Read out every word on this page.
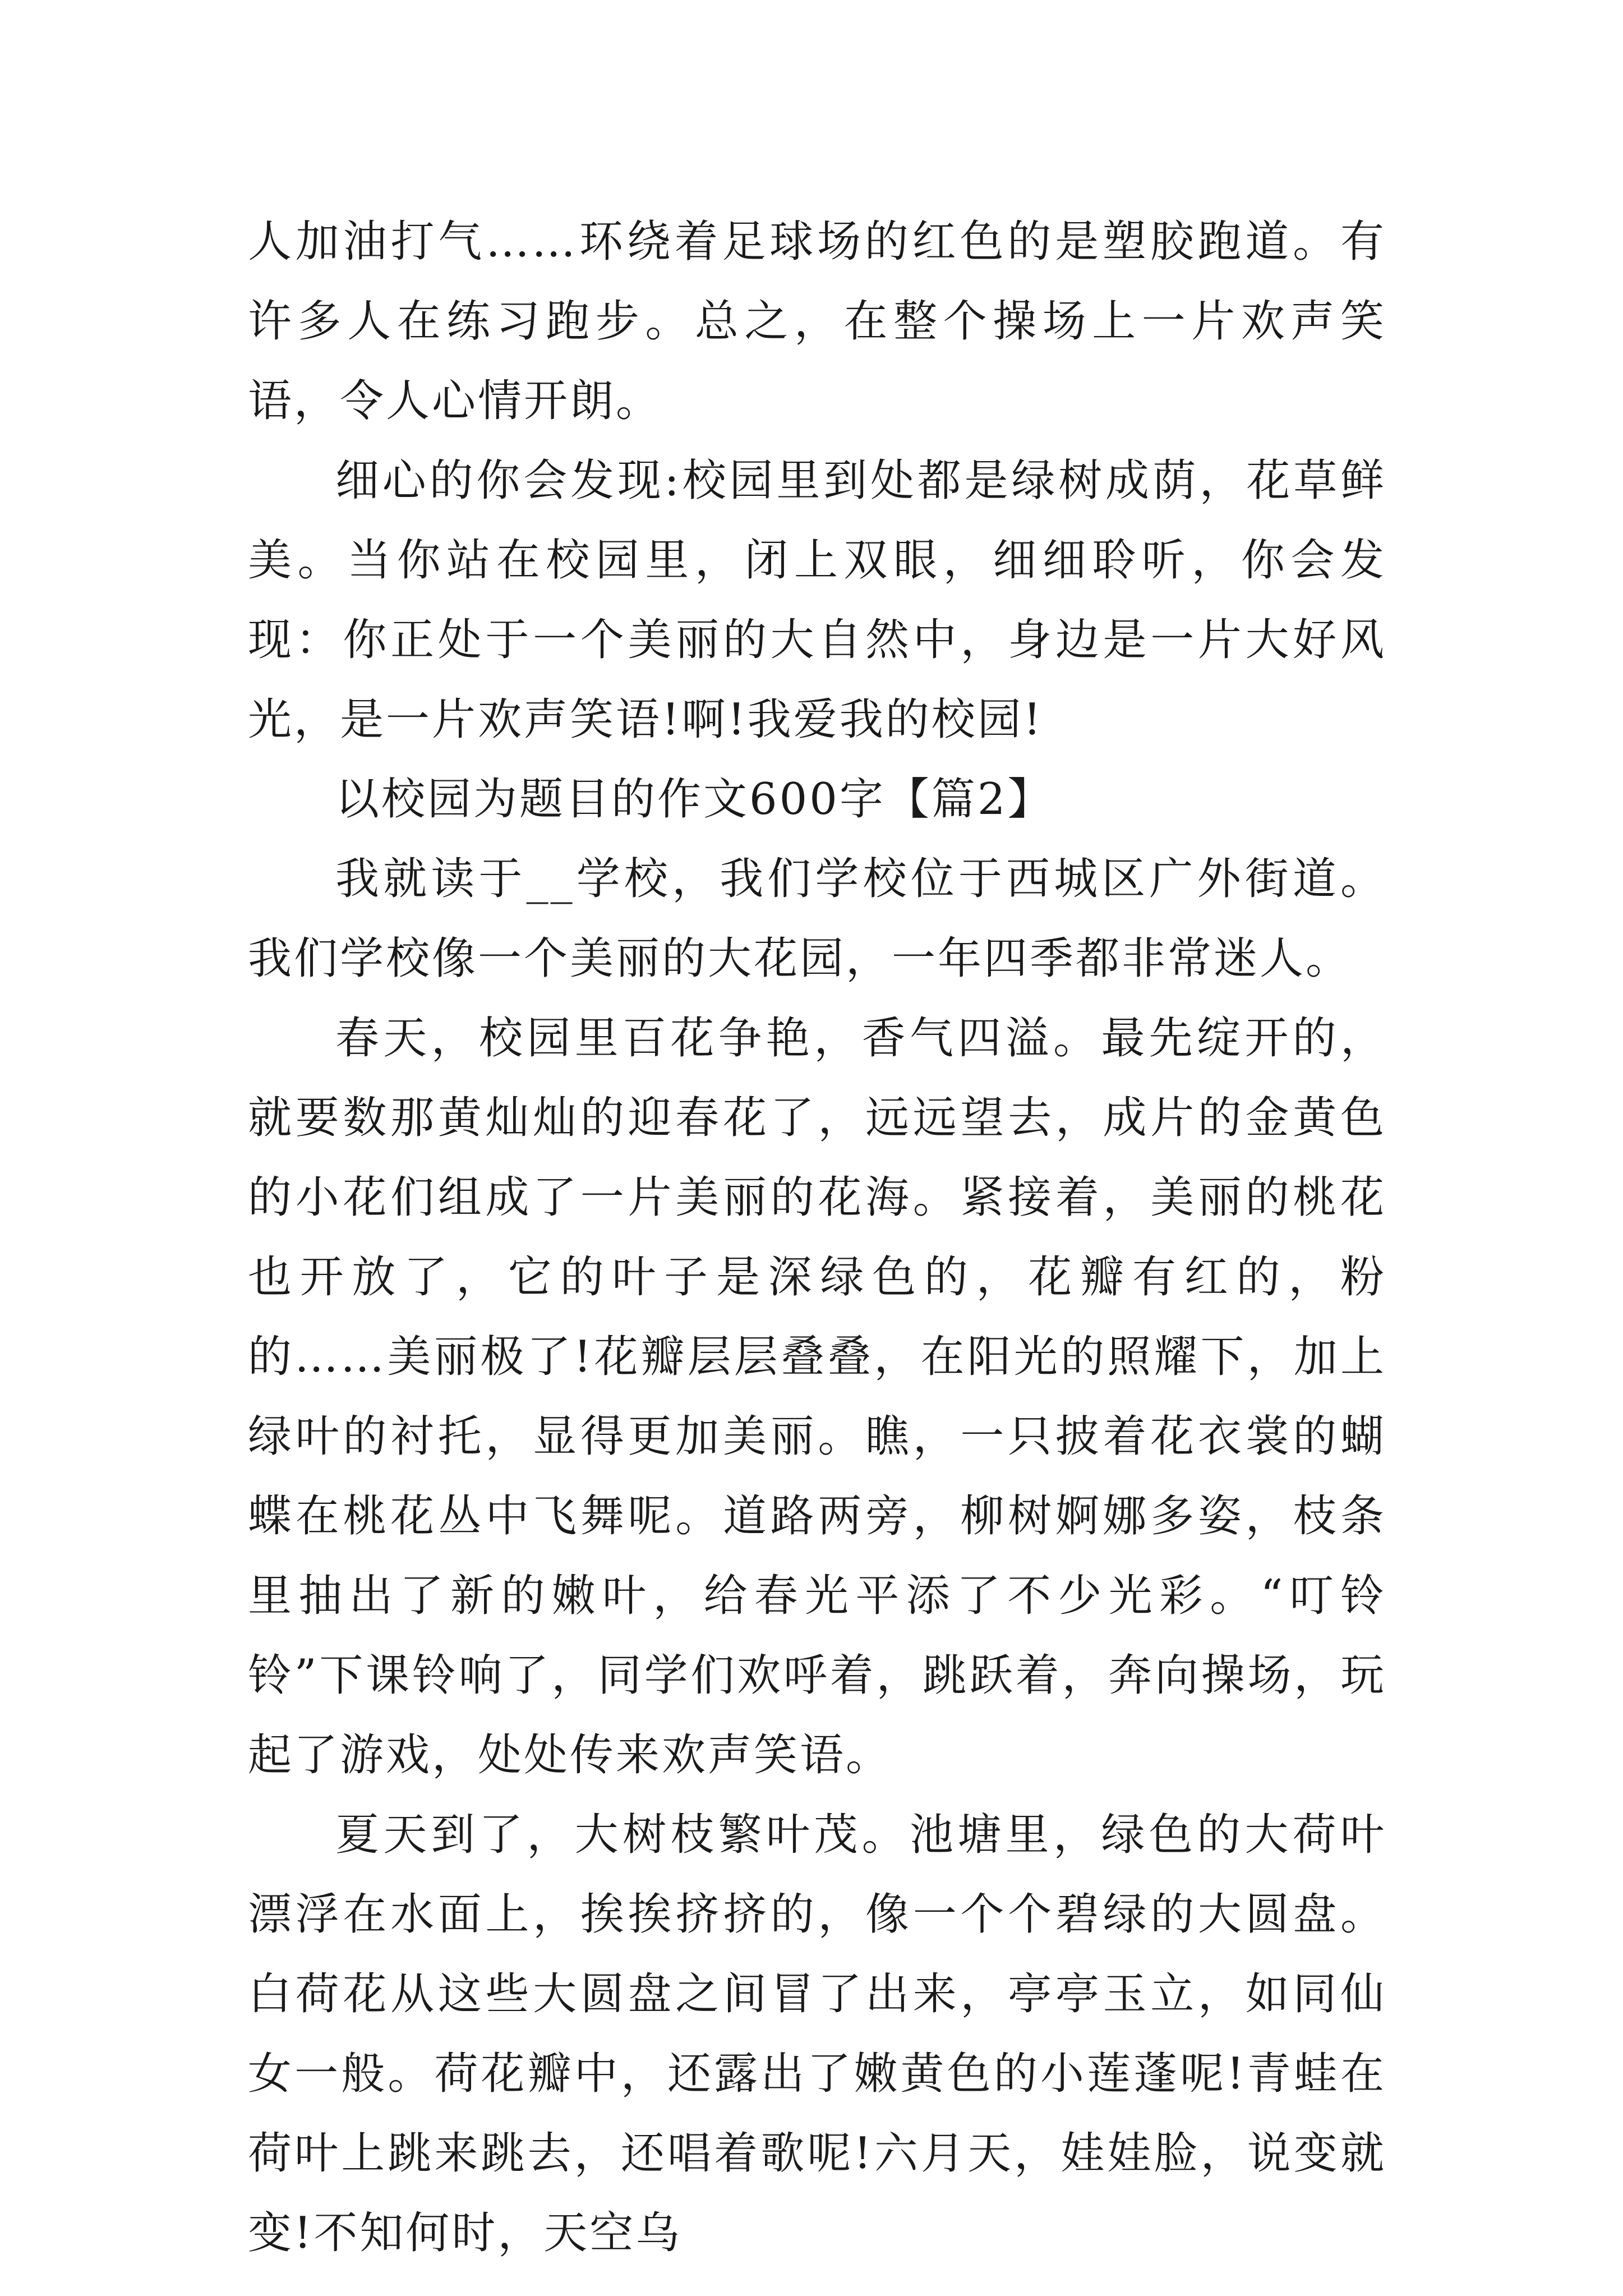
人加油打气……环绕着足球场的红色的是塑胶跑道。有许多人在练习跑步。总之，在整个操场上一片欢声笑语，令人心情开朗。

细心的你会发现:校园里到处都是绿树成荫，花草鲜美。当你站在校园里，闭上双眼，细细聆听，你会发现：你正处于一个美丽的大自然中，身边是一片大好风光，是一片欢声笑语!啊!我爱我的校园!

以校园为题目的作文600字【篇2】

我就读于__学校，我们学校位于西城区广外街道。我们学校像一个美丽的大花园，一年四季都非常迷人。

春天，校园里百花争艳，香气四溢。最先绽开的，就要数那黄灿灿的迎春花了，远远望去，成片的金黄色的小花们组成了一片美丽的花海。紧接着，美丽的桃花也开放了，它的叶子是深绿色的，花瓣有红的，粉的……美丽极了!花瓣层层叠叠，在阳光的照耀下，加上绿叶的衬托，显得更加美丽。瞧，一只披着花衣裳的蝴蝶在桃花丛中飞舞呢。道路两旁，柳树婀娜多姿，枝条里抽出了新的嫩叶，给春光平添了不少光彩。“叮铃铃”下课铃响了，同学们欢呼着，跳跃着，奔向操场，玩起了游戏，处处传来欢声笑语。

夏天到了，大树枝繁叶茂。池塘里，绿色的大荷叶漂浮在水面上，挨挨挤挤的，像一个个碧绿的大圆盘。白荷花从这些大圆盘之间冒了出来，亭亭玉立，如同仙女一般。荷花瓣中，还露出了嫩黄色的小莲蓬呢!青蛙在荷叶上跳来跳去，还唱着歌呢!六月天，娃娃脸，说变就变!不知何时，天空乌
